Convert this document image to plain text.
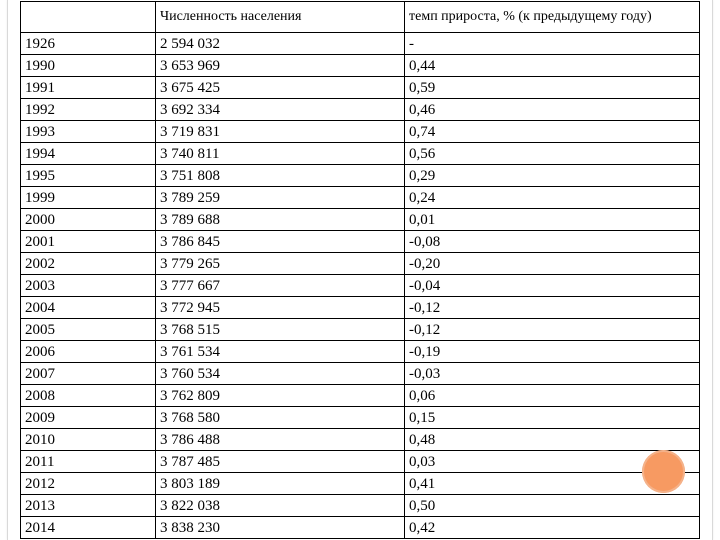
	Численность населения	темп прироста, % (к предыдущему году)
1926	2 594 032	-
1990	3 653 969	0,44
1991	3 675 425	0,59
1992	3 692 334	0,46
1993	3 719 831	0,74
1994	3 740 811	0,56
1995	3 751 808	0,29
1999	3 789 259	0,24
2000	3 789 688	0,01
2001	3 786 845	-0,08
2002	3 779 265	-0,20
2003	3 777 667	-0,04
2004	3 772 945	-0,12
2005	3 768 515	-0,12
2006	3 761 534	-0,19
2007	3 760 534	-0,03
2008	3 762 809	0,06
2009	3 768 580	0,15
2010	3 786 488	0,48
2011	3 787 485	0,03
2012	3 803 189	0,41
2013	3 822 038	0,50
2014	3 838 230	0,42
